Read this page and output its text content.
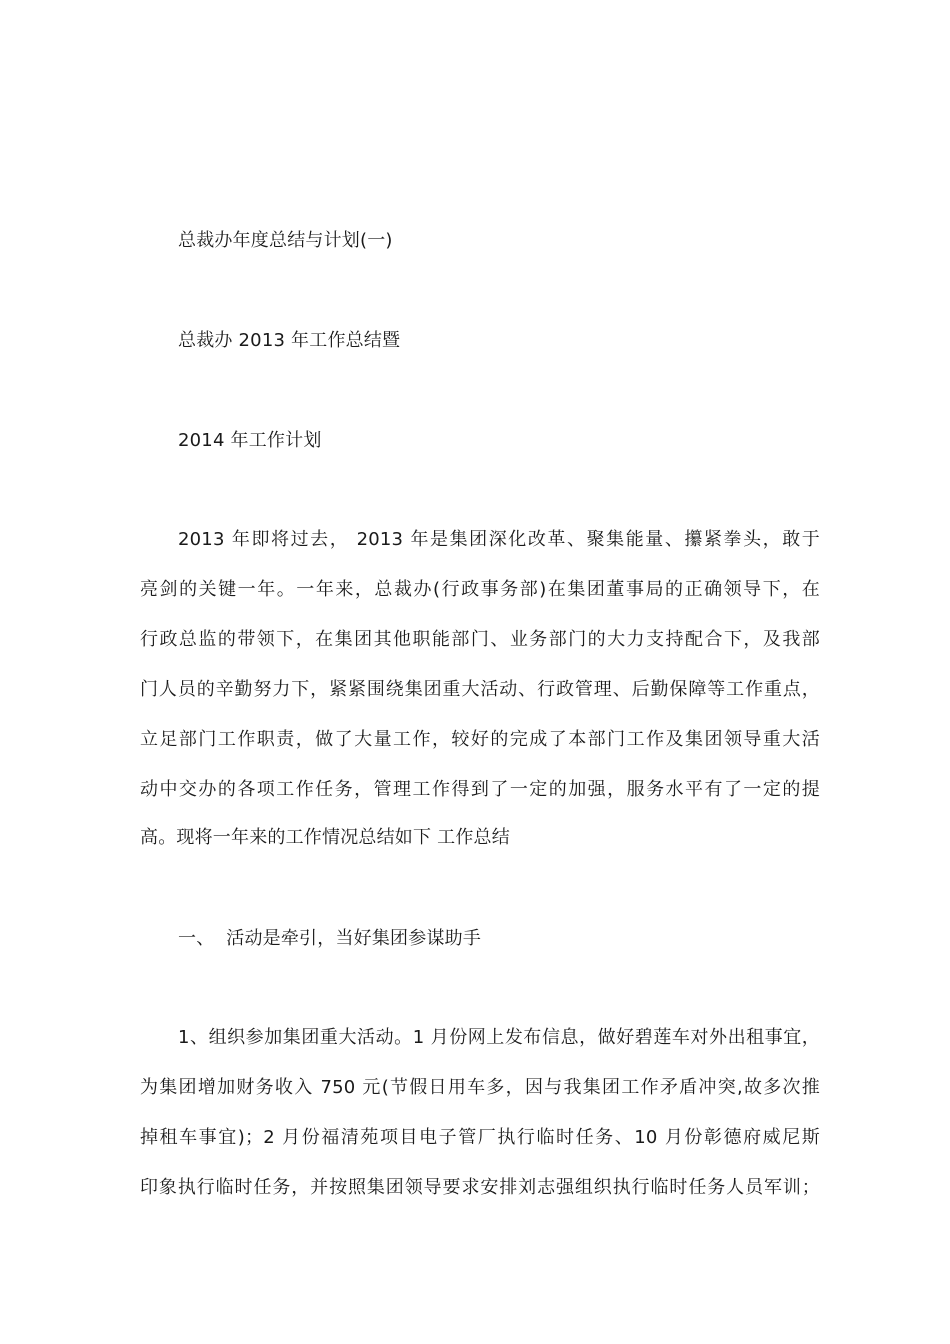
总裁办年度总结与计划(一)
总裁办 2013 年工作总结暨
2014 年工作计划
2013 年即将过去， 2013 年是集团深化改革、聚集能量、攥紧拳头，敢于
亮剑的关键一年。一年来，总裁办(行政事务部)在集团董事局的正确领导下，在
行政总监的带领下，在集团其他职能部门、业务部门的大力支持配合下，及我部
门人员的辛勤努力下，紧紧围绕集团重大活动、行政管理、后勤保障等工作重点，
立足部门工作职责，做了大量工作，较好的完成了本部门工作及集团领导重大活
动中交办的各项工作任务，管理工作得到了一定的加强，服务水平有了一定的提
高。现将一年来的工作情况总结如下 工作总结
一、  活动是牵引，当好集团参谋助手
1、组织参加集团重大活动。1 月份网上发布信息，做好碧莲车对外出租事宜，
为集团增加财务收入 750 元(节假日用车多，因与我集团工作矛盾冲突,故多次推
掉租车事宜)；2 月份福清苑项目电子管厂执行临时任务、10 月份彰德府威尼斯
印象执行临时任务，并按照集团领导要求安排刘志强组织执行临时任务人员军训；
